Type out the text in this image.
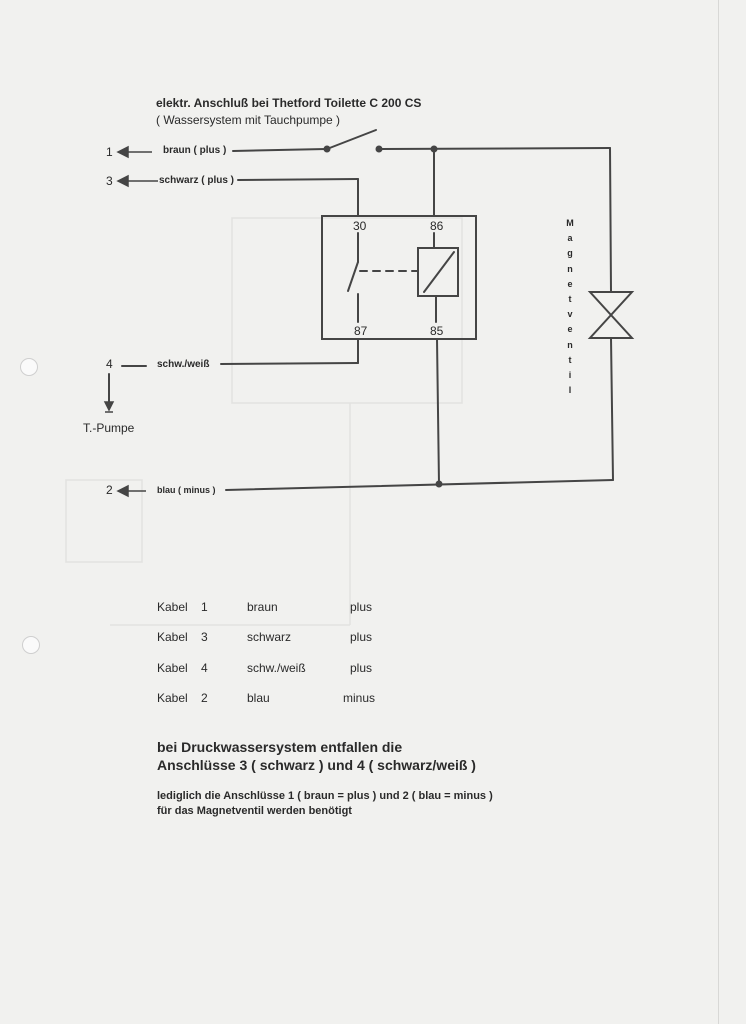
elektr. Anschluß bei Thetford Toilette C 200 CS
( Wassersystem mit Tauchpumpe )
1	braun ( plus )
3	schwarz ( plus )
4	schw./weiß
2	blau ( minus )
T.-Pumpe
30	86
87	85
M
a
g
n
e
t
v
e
n
t
i
l
Kabel 1	braun	plus
Kabel 3	schwarz	plus
Kabel 4	schw./weiß	plus
Kabel 2	blau	minus
bei Druckwassersystem entfallen die
Anschlüsse 3 ( schwarz ) und 4 ( schwarz/weiß )
lediglich die Anschlüsse 1 ( braun = plus ) und 2 ( blau = minus )
für das Magnetventil werden benötigt
